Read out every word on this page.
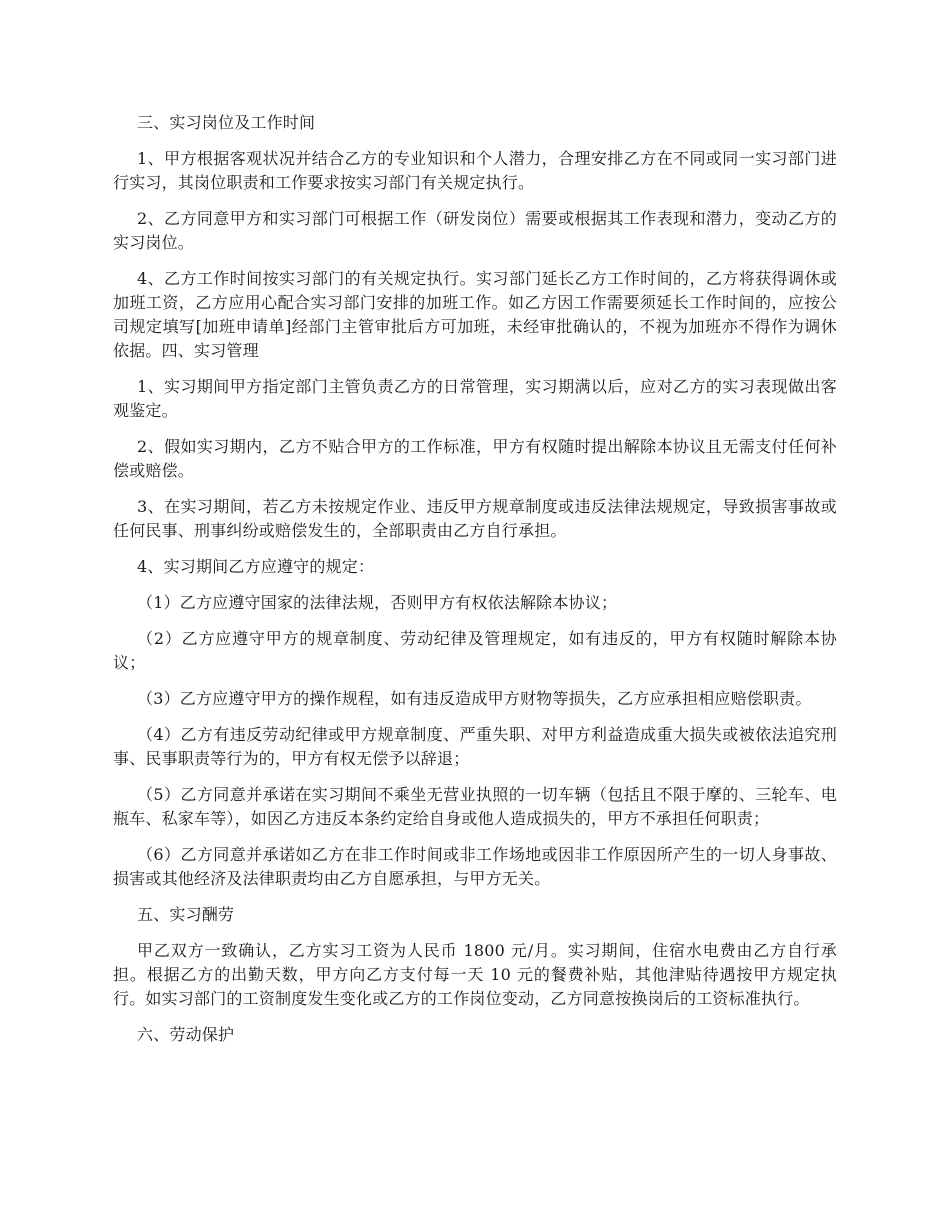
三、实习岗位及工作时间

1、甲方根据客观状况并结合乙方的专业知识和个人潜力，合理安排乙方在不同或同一实习部门进行实习，其岗位职责和工作要求按实习部门有关规定执行。

2、乙方同意甲方和实习部门可根据工作（研发岗位）需要或根据其工作表现和潜力，变动乙方的实习岗位。

4、乙方工作时间按实习部门的有关规定执行。实习部门延长乙方工作时间的，乙方将获得调休或加班工资，乙方应用心配合实习部门安排的加班工作。如乙方因工作需要须延长工作时间的，应按公司规定填写[加班申请单]经部门主管审批后方可加班，未经审批确认的，不视为加班亦不得作为调休依据。四、实习管理

1、实习期间甲方指定部门主管负责乙方的日常管理，实习期满以后，应对乙方的实习表现做出客观鉴定。

2、假如实习期内，乙方不贴合甲方的工作标准，甲方有权随时提出解除本协议且无需支付任何补偿或赔偿。

3、在实习期间，若乙方未按规定作业、违反甲方规章制度或违反法律法规规定，导致损害事故或任何民事、刑事纠纷或赔偿发生的，全部职责由乙方自行承担。

4、实习期间乙方应遵守的规定：

（1）乙方应遵守国家的法律法规，否则甲方有权依法解除本协议；

（2）乙方应遵守甲方的规章制度、劳动纪律及管理规定，如有违反的，甲方有权随时解除本协议；

（3）乙方应遵守甲方的操作规程，如有违反造成甲方财物等损失，乙方应承担相应赔偿职责。

（4）乙方有违反劳动纪律或甲方规章制度、严重失职、对甲方利益造成重大损失或被依法追究刑事、民事职责等行为的，甲方有权无偿予以辞退；

（5）乙方同意并承诺在实习期间不乘坐无营业执照的一切车辆（包括且不限于摩的、三轮车、电瓶车、私家车等），如因乙方违反本条约定给自身或他人造成损失的，甲方不承担任何职责；

（6）乙方同意并承诺如乙方在非工作时间或非工作场地或因非工作原因所产生的一切人身事故、损害或其他经济及法律职责均由乙方自愿承担，与甲方无关。

五、实习酬劳

甲乙双方一致确认，乙方实习工资为人民币 1800 元/月。实习期间，住宿水电费由乙方自行承担。根据乙方的出勤天数，甲方向乙方支付每一天 10 元的餐费补贴，其他津贴待遇按甲方规定执行。如实习部门的工资制度发生变化或乙方的工作岗位变动，乙方同意按换岗后的工资标准执行。

六、劳动保护
